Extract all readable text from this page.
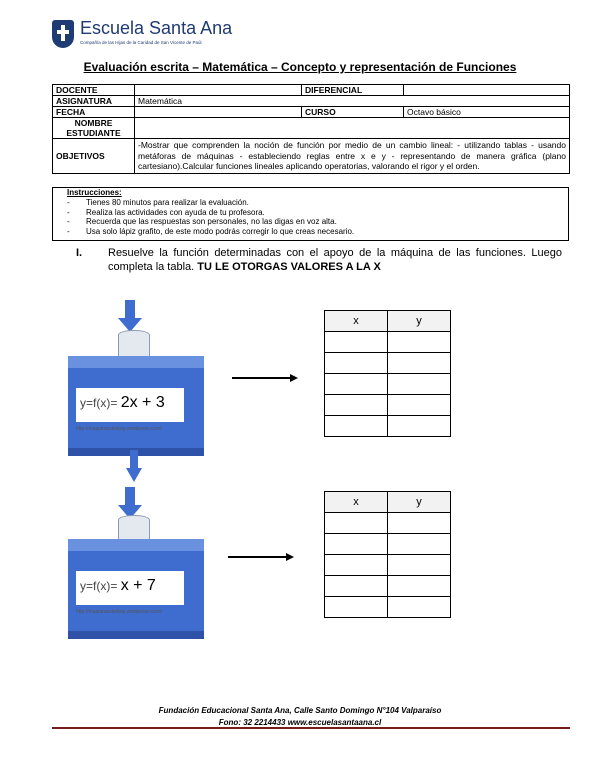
Escuela Santa Ana
Compañía de las Hijas de la Caridad de San Vicente de Paúl
Evaluación escrita – Matemática – Concepto y representación de Funciones
DOCENTE		DIFERENCIAL	
ASIGNATURA	Matemática		
FECHA		CURSO	Octavo básico
NOMBRE ESTUDIANTE			
OBJETIVOS	-Mostrar que comprenden la noción de función por medio de un cambio lineal: - utilizando tablas - usando metáforas de máquinas - estableciendo reglas entre x e y - representando de manera gráfica (plano cartesiano).Calcular funciones lineales aplicando operatorias, valorando el rigor y el orden.		
Instrucciones:
- Tienes 80 minutos para realizar la evaluación.
- Realiza las actividades con ayuda de tu profesora.
- Recuerda que las respuestas son personales, no las digas en voz alta.
- Usa solo lápiz grafito, de este modo podrás corregir lo que creas necesario.
I. Resuelve la función determinadas con el apoyo de la máquina de las funciones. Luego completa la tabla. TU LE OTORGAS VALORES A LA X
y=f(x)= 2x + 3
http://maquinasdeblog.wordpress.com/
x	y

y=f(x)= x + 7
http://maquinasdeblog.wordpress.com/
x	y

Fundación Educacional Santa Ana, Calle Santo Domingo N°104 Valparaíso
Fono: 32 2214433 www.escuelasantaana.cl
